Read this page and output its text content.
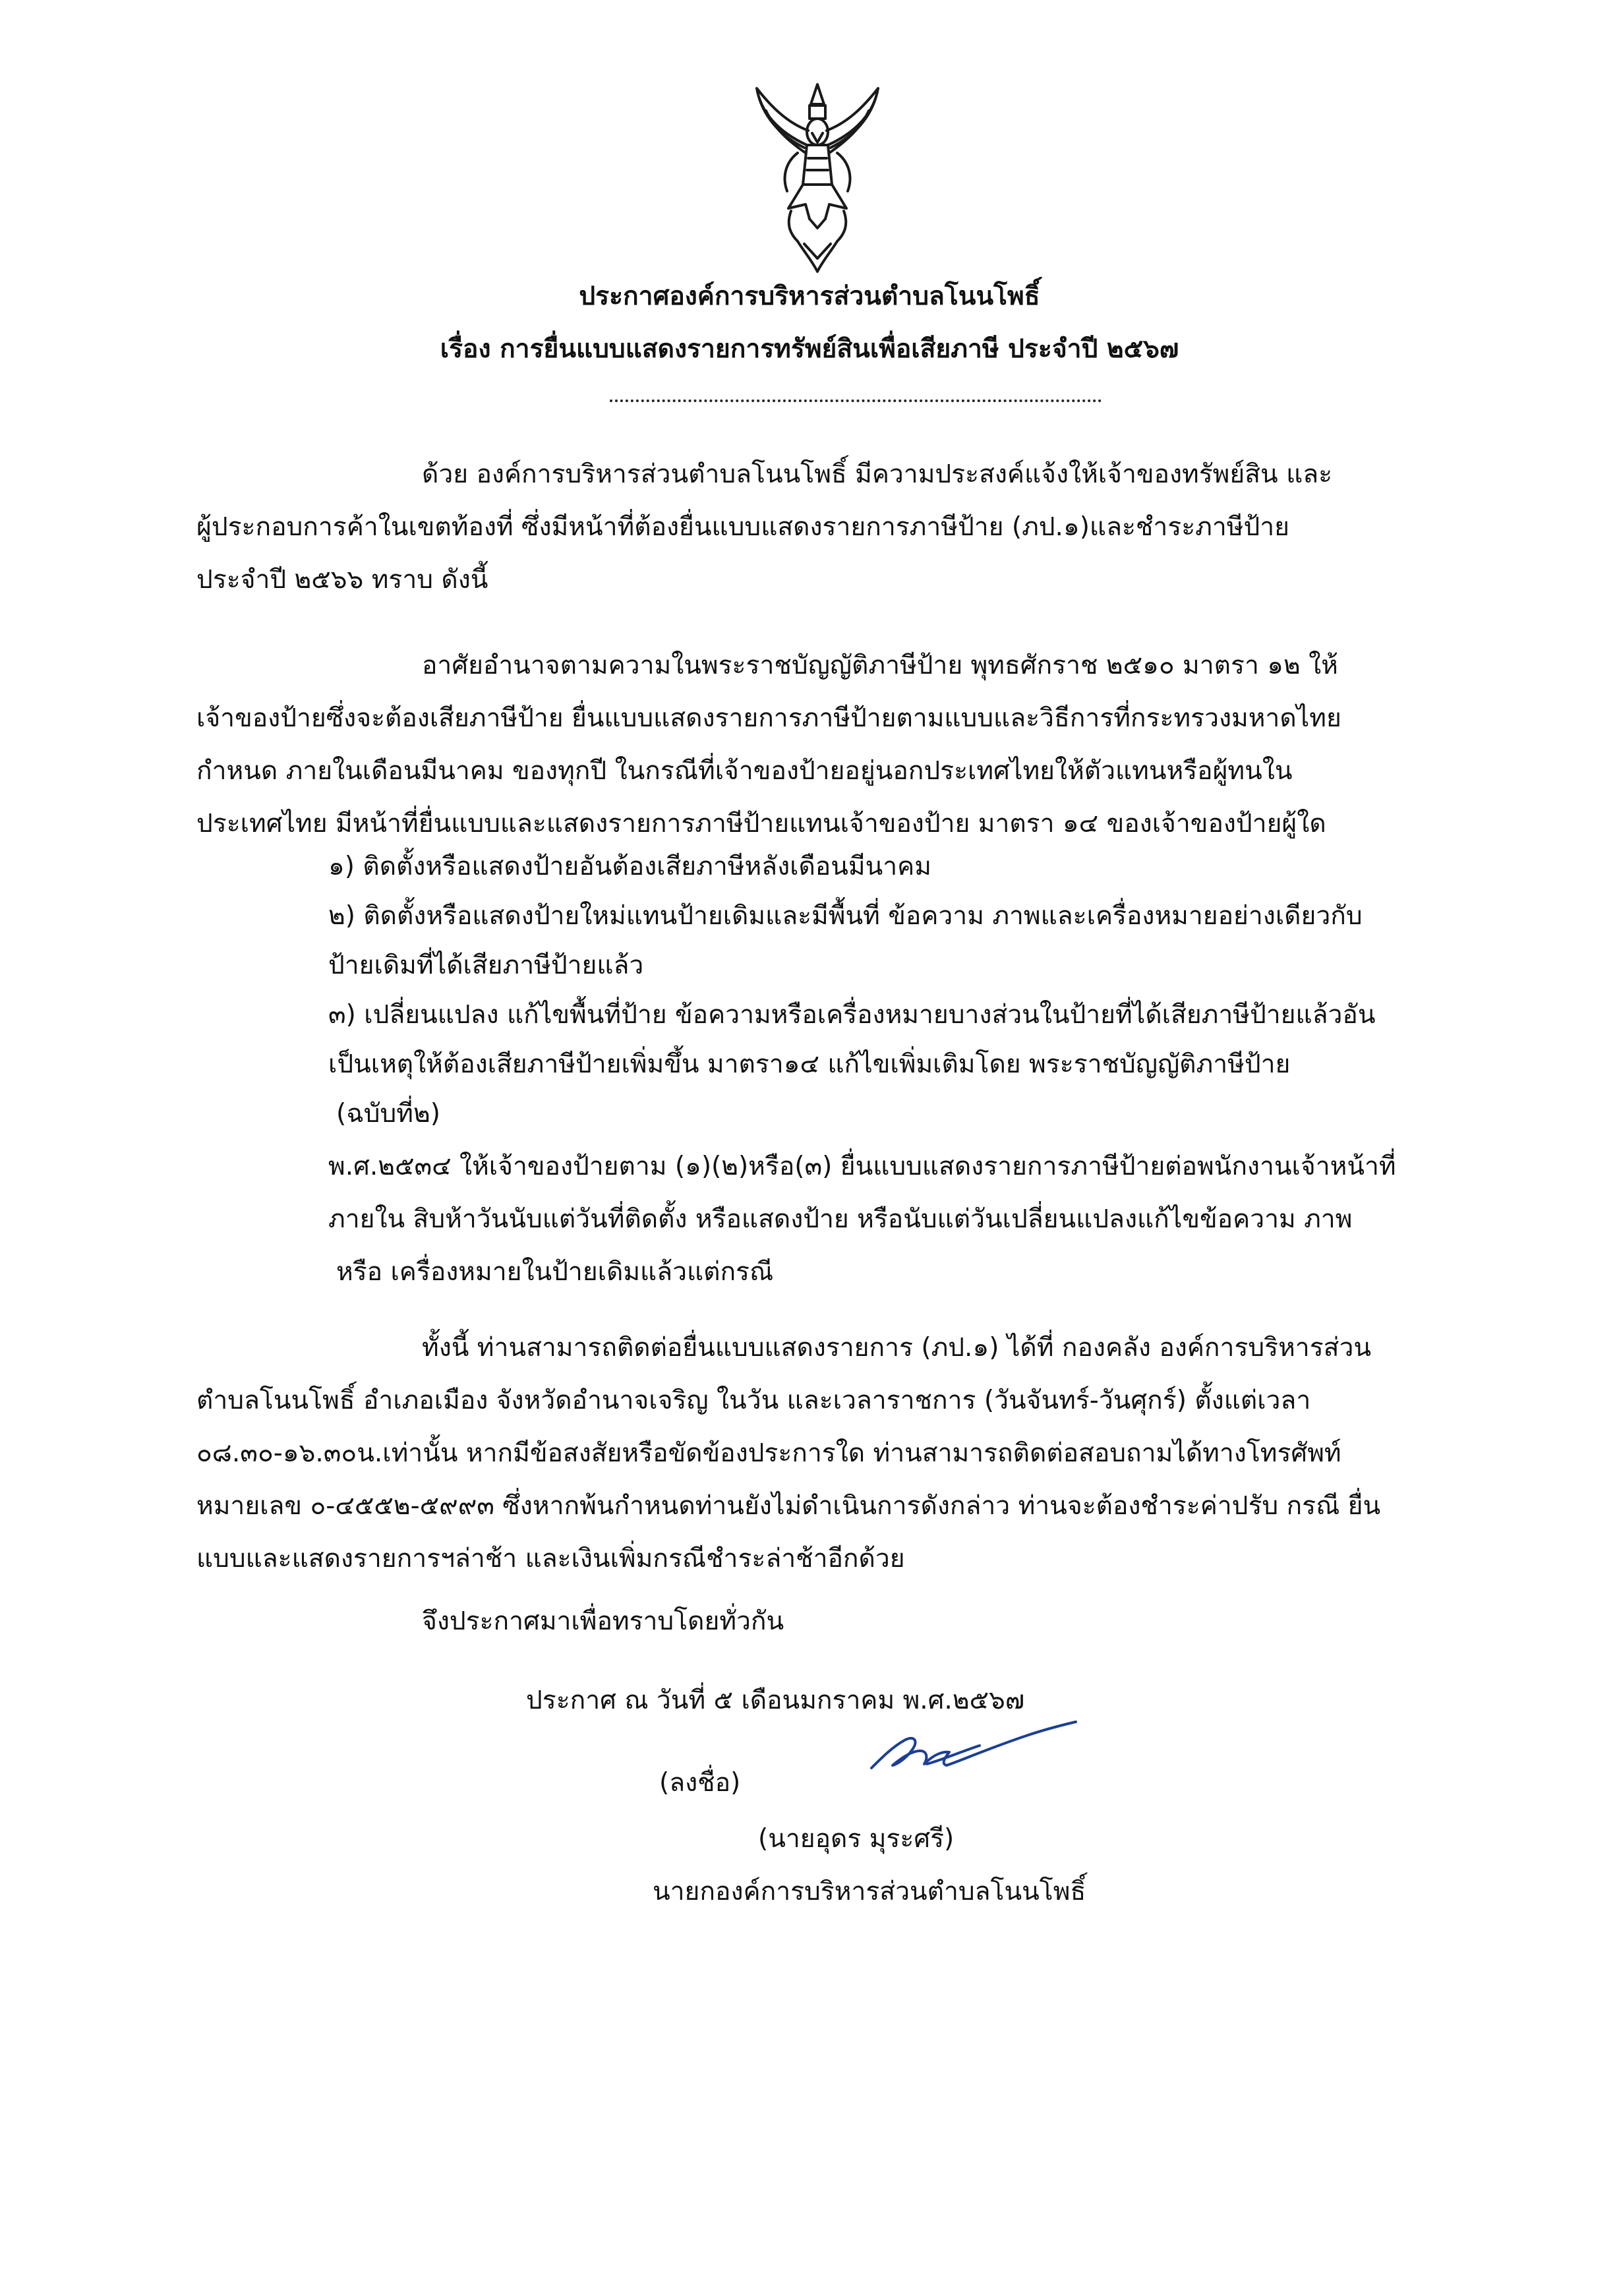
ประกาศองค์การบริหารส่วนตำบลโนนโพธิ์

เรื่อง การยื่นแบบแสดงรายการทรัพย์สินเพื่อเสียภาษี ประจำปี ๒๕๖๗

ด้วย องค์การบริหารส่วนตำบลโนนโพธิ์ มีความประสงค์แจ้งให้เจ้าของทรัพย์สิน และ

ผู้ประกอบการค้าในเขตท้องที่ ซึ่งมีหน้าที่ต้องยื่นแบบแสดงรายการภาษีป้าย (ภป.๑)และชำระภาษีป้าย

ประจำปี ๒๕๖๖ ทราบ ดังนี้

อาศัยอำนาจตามความในพระราชบัญญัติภาษีป้าย พุทธศักราช ๒๕๑๐ มาตรา ๑๒ ให้

เจ้าของป้ายซึ่งจะต้องเสียภาษีป้าย ยื่นแบบแสดงรายการภาษีป้ายตามแบบและวิธีการที่กระทรวงมหาดไทย

กำหนด ภายในเดือนมีนาคม ของทุกปี ในกรณีที่เจ้าของป้ายอยู่นอกประเทศไทยให้ตัวแทนหรือผู้ทนใน

ประเทศไทย มีหน้าที่ยื่นแบบและแสดงรายการภาษีป้ายแทนเจ้าของป้าย มาตรา ๑๔ ของเจ้าของป้ายผู้ใด

๑) ติดตั้งหรือแสดงป้ายอันต้องเสียภาษีหลังเดือนมีนาคม

๒) ติดตั้งหรือแสดงป้ายใหม่แทนป้ายเดิมและมีพื้นที่ ข้อความ ภาพและเครื่องหมายอย่างเดียวกับ

ป้ายเดิมที่ได้เสียภาษีป้ายแล้ว

๓) เปลี่ยนแปลง แก้ไขพื้นที่ป้าย ข้อความหรือเครื่องหมายบางส่วนในป้ายที่ได้เสียภาษีป้ายแล้วอัน

เป็นเหตุให้ต้องเสียภาษีป้ายเพิ่มขึ้น มาตรา๑๔ แก้ไขเพิ่มเติมโดย พระราชบัญญัติภาษีป้าย

(ฉบับที่๒)

พ.ศ.๒๕๓๔ ให้เจ้าของป้ายตาม (๑)(๒)หรือ(๓) ยื่นแบบแสดงรายการภาษีป้ายต่อพนักงานเจ้าหน้าที่

ภายใน สิบห้าวันนับแต่วันที่ติดตั้ง หรือแสดงป้าย หรือนับแต่วันเปลี่ยนแปลงแก้ไขข้อความ ภาพ

หรือ เครื่องหมายในป้ายเดิมแล้วแต่กรณี

ทั้งนี้ ท่านสามารถติดต่อยื่นแบบแสดงรายการ (ภป.๑) ได้ที่ กองคลัง องค์การบริหารส่วน

ตำบลโนนโพธิ์ อำเภอเมือง จังหวัดอำนาจเจริญ ในวัน และเวลาราชการ (วันจันทร์-วันศุกร์) ตั้งแต่เวลา

๐๘.๓๐-๑๖.๓๐น.เท่านั้น หากมีข้อสงสัยหรือขัดข้องประการใด ท่านสามารถติดต่อสอบถามได้ทางโทรศัพท์

หมายเลข ๐-๔๕๕๒-๕๙๙๓ ซึ่งหากพ้นกำหนดท่านยังไม่ดำเนินการดังกล่าว ท่านจะต้องชำระค่าปรับ กรณี ยื่น

แบบและแสดงรายการฯล่าช้า และเงินเพิ่มกรณีชำระล่าช้าอีกด้วย

จึงประกาศมาเพื่อทราบโดยทั่วกัน

ประกาศ ณ วันที่ ๕ เดือนมกราคม พ.ศ.๒๕๖๗

(ลงชื่อ)

(นายอุดร มุระศรี)

นายกองค์การบริหารส่วนตำบลโนนโพธิ์
